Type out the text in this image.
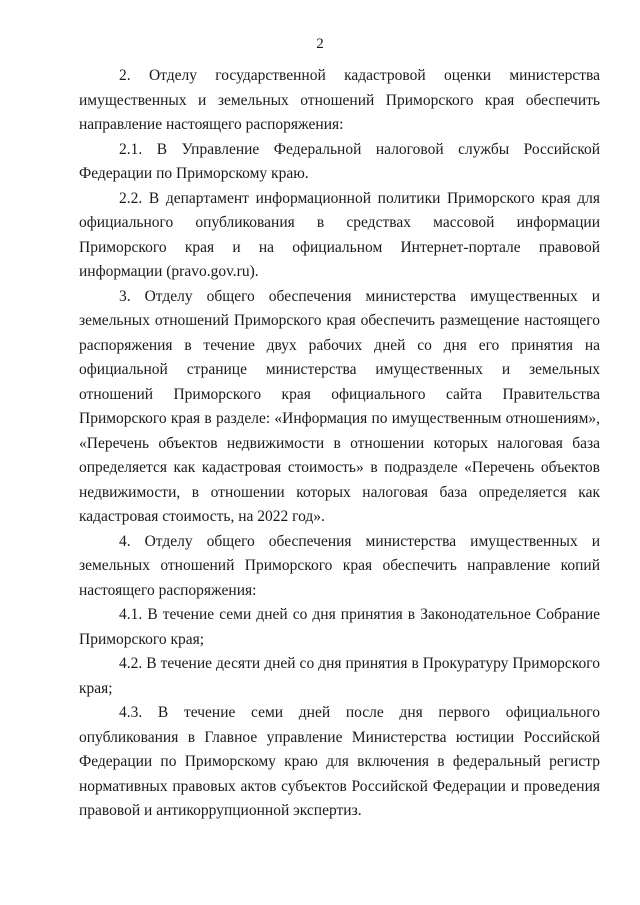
2

2. Отделу государственной кадастровой оценки министерства имущественных и земельных отношений Приморского края обеспечить направление настоящего распоряжения:

2.1. В Управление Федеральной налоговой службы Российской Федерации по Приморскому краю.

2.2. В департамент информационной политики Приморского края для официального опубликования в средствах массовой информации Приморского края и на официальном Интернет-портале правовой информации (pravo.gov.ru).

3. Отделу общего обеспечения министерства имущественных и земельных отношений Приморского края обеспечить размещение настоящего распоряжения в течение двух рабочих дней со дня его принятия на официальной странице министерства имущественных и земельных отношений Приморского края официального сайта Правительства Приморского края в разделе: «Информация по имущественным отношениям», «Перечень объектов недвижимости в отношении которых налоговая база определяется как кадастровая стоимость» в подразделе «Перечень объектов недвижимости, в отношении которых налоговая база определяется как кадастровая стоимость, на 2022 год».

4. Отделу общего обеспечения министерства имущественных и земельных отношений Приморского края обеспечить направление копий настоящего распоряжения:

4.1. В течение семи дней со дня принятия в Законодательное Собрание Приморского края;

4.2. В течение десяти дней со дня принятия в Прокуратуру Приморского края;

4.3. В течение семи дней после дня первого официального опубликования в Главное управление Министерства юстиции Российской Федерации по Приморскому краю для включения в федеральный регистр нормативных правовых актов субъектов Российской Федерации и проведения правовой и антикоррупционной экспертиз.
